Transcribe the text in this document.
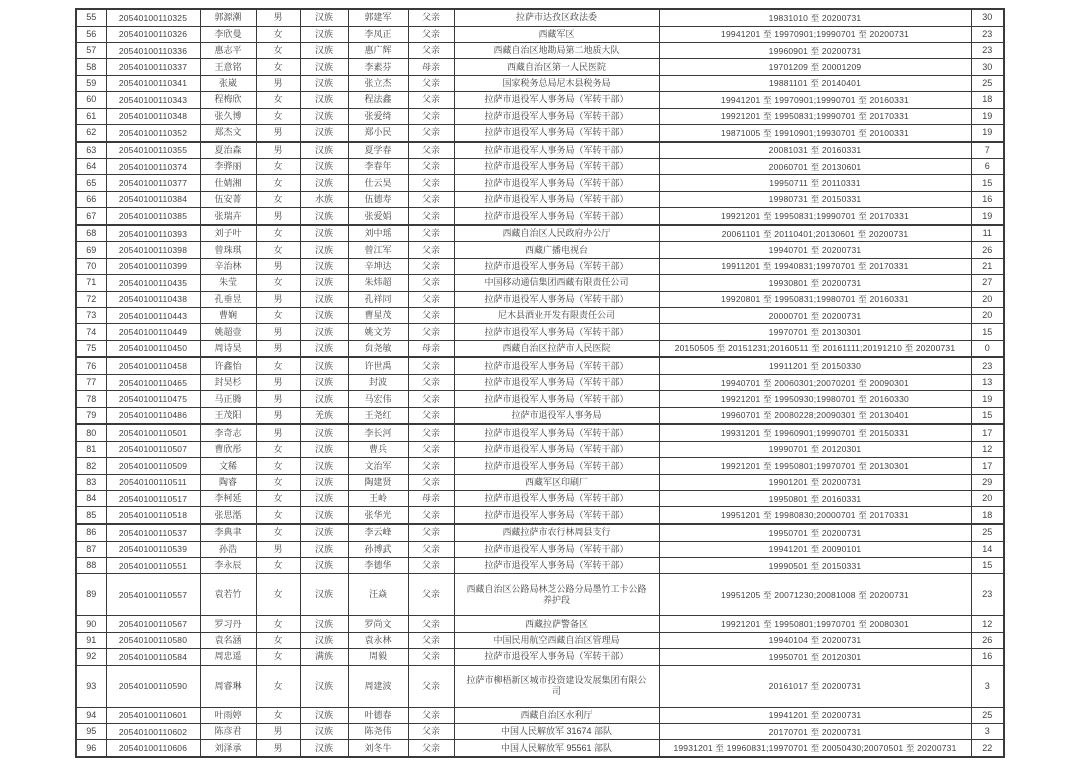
55	20540100110325	郭源潮	男	汉族	郭建军	父亲	拉萨市达孜区政法委	19831010 至 20200731	30
56	20540100110326	李欣曼	女	汉族	李凤正	父亲	西藏军区	19941201 至 19970901;19990701 至 20200731	23
57	20540100110336	惠志平	女	汉族	惠广辉	父亲	西藏自治区地勘局第二地质大队	19960901 至 20200731	23
58	20540100110337	王意铭	女	汉族	李素芬	母亲	西藏自治区第一人民医院	19701209 至 20001209	30
59	20540100110341	张崴	男	汉族	张立杰	父亲	国家税务总局尼木县税务局	19881101 至 20140401	25
60	20540100110343	程梅欣	女	汉族	程法鑫	父亲	拉萨市退役军人事务局（军转干部）	19941201 至 19970901;19990701 至 20160331	18
61	20540100110348	张久博	女	汉族	张爱绮	父亲	拉萨市退役军人事务局（军转干部）	19921201 至 19950831;19990701 至 20170331	19
62	20540100110352	郑杰文	男	汉族	郑小民	父亲	拉萨市退役军人事务局（军转干部）	19871005 至 19910901;19930701 至 20100331	19
63	20540100110355	夏治森	男	汉族	夏学春	父亲	拉萨市退役军人事务局（军转干部）	20081031 至 20160331	7
64	20540100110374	李骅丽	女	汉族	李春年	父亲	拉萨市退役军人事务局（军转干部）	20060701 至 20130601	6
65	20540100110377	仕婧湘	女	汉族	仕云昊	父亲	拉萨市退役军人事务局（军转干部）	19950711 至 20110331	15
66	20540100110384	伍安菁	女	水族	伍德寿	父亲	拉萨市退役军人事务局（军转干部）	19980731 至 20150331	16
67	20540100110385	张瑞卉	男	汉族	张爱娟	父亲	拉萨市退役军人事务局（军转干部）	19921201 至 19950831;19990701 至 20170331	19
68	20540100110393	刘子叶	女	汉族	刘中瑶	父亲	西藏自治区人民政府办公厅	20061101 至 20110401;20130601 至 20200731	11
69	20540100110398	曾珠琪	女	汉族	曾江军	父亲	西藏广播电视台	19940701 至 20200731	26
70	20540100110399	辛治林	男	汉族	辛坤达	父亲	拉萨市退役军人事务局（军转干部）	19911201 至 19940831;19970701 至 20170331	21
71	20540100110435	朱莹	女	汉族	朱炜超	父亲	中国移动通信集团西藏有限责任公司	19930801 至 20200731	27
72	20540100110438	孔垂昱	男	汉族	孔祥同	父亲	拉萨市退役军人事务局（军转干部）	19920801 至 19950831;19980701 至 20160331	20
73	20540100110443	曹娴	女	汉族	曹星茂	父亲	尼木县酒业开发有限责任公司	20000701 至 20200731	20
74	20540100110449	姚超壹	男	汉族	姚文芳	父亲	拉萨市退役军人事务局（军转干部）	19970701 至 20130301	15
75	20540100110450	周诗昊	男	汉族	贠尧敏	母亲	西藏自治区拉萨市人民医院	20150505 至 20151231;20160511 至 20161111;20191210 至 20200731	0
76	20540100110458	许鑫怡	女	汉族	许世禹	父亲	拉萨市退役军人事务局（军转干部）	19911201 至 20150330	23
77	20540100110465	封昊杉	男	汉族	封波	父亲	拉萨市退役军人事务局（军转干部）	19940701 至 20060301;20070201 至 20090301	13
78	20540100110475	马正腾	男	汉族	马宏伟	父亲	拉萨市退役军人事务局（军转干部）	19921201 至 19950930;19980701 至 20160330	19
79	20540100110486	王茂阳	男	羌族	王尧红	父亲	拉萨市退役军人事务局	19960701 至 20080228;20090301 至 20130401	15
80	20540100110501	李奇志	男	汉族	李长河	父亲	拉萨市退役军人事务局（军转干部）	19931201 至 19960901;19990701 至 20150331	17
81	20540100110507	曹欣彤	女	汉族	曹兵	父亲	拉萨市退役军人事务局（军转干部）	19990701 至 20120301	12
82	20540100110509	文稀	女	汉族	文治军	父亲	拉萨市退役军人事务局（军转干部）	19921201 至 19950801;19970701 至 20130301	17
83	20540100110511	陶睿	女	汉族	陶建贤	父亲	西藏军区印刷厂	19901201 至 20200731	29
84	20540100110517	李柯延	女	汉族	王岭	母亲	拉萨市退役军人事务局（军转干部）	19950801 至 20160331	20
85	20540100110518	张思湉	女	汉族	张华光	父亲	拉萨市退役军人事务局（军转干部）	19951201 至 19980830;20000701 至 20170331	18
86	20540100110537	李典聿	女	汉族	李云峰	父亲	西藏拉萨市农行林周县支行	19950701 至 20200731	25
87	20540100110539	孙浩	男	汉族	孙博武	父亲	拉萨市退役军人事务局（军转干部）	19941201 至 20090101	14
88	20540100110551	李永辰	女	汉族	李德华	父亲	拉萨市退役军人事务局（军转干部）	19990501 至 20150331	15
89	20540100110557	袁若竹	女	汉族	汪焱	父亲	西藏自治区公路局林芝公路分局墨竹工卡公路养护段	19951205 至 20071230;20081008 至 20200731	23
90	20540100110567	罗习丹	女	汉族	罗尚文	父亲	西藏拉萨警备区	19921201 至 19950801;19970701 至 20080301	12
91	20540100110580	袁名涵	女	汉族	袁永林	父亲	中国民用航空西藏自治区管理局	19940104 至 20200731	26
92	20540100110584	周忠遥	女	满族	周毅	父亲	拉萨市退役军人事务局（军转干部）	19950701 至 20120301	16
93	20540100110590	周睿琳	女	汉族	周建波	父亲	拉萨市柳梧新区城市投资建设发展集团有限公司	20161017 至 20200731	3
94	20540100110601	叶雨婷	女	汉族	叶德春	父亲	西藏自治区水利厅	19941201 至 20200731	25
95	20540100110602	陈彦君	男	汉族	陈尧伟	父亲	中国人民解放军 31674 部队	20170701 至 20200731	3
96	20540100110606	刘泽承	男	汉族	刘冬牛	父亲	中国人民解放军 95561 部队	19931201 至 19960831;19970701 至 20050430;20070501 至 20200731	22
